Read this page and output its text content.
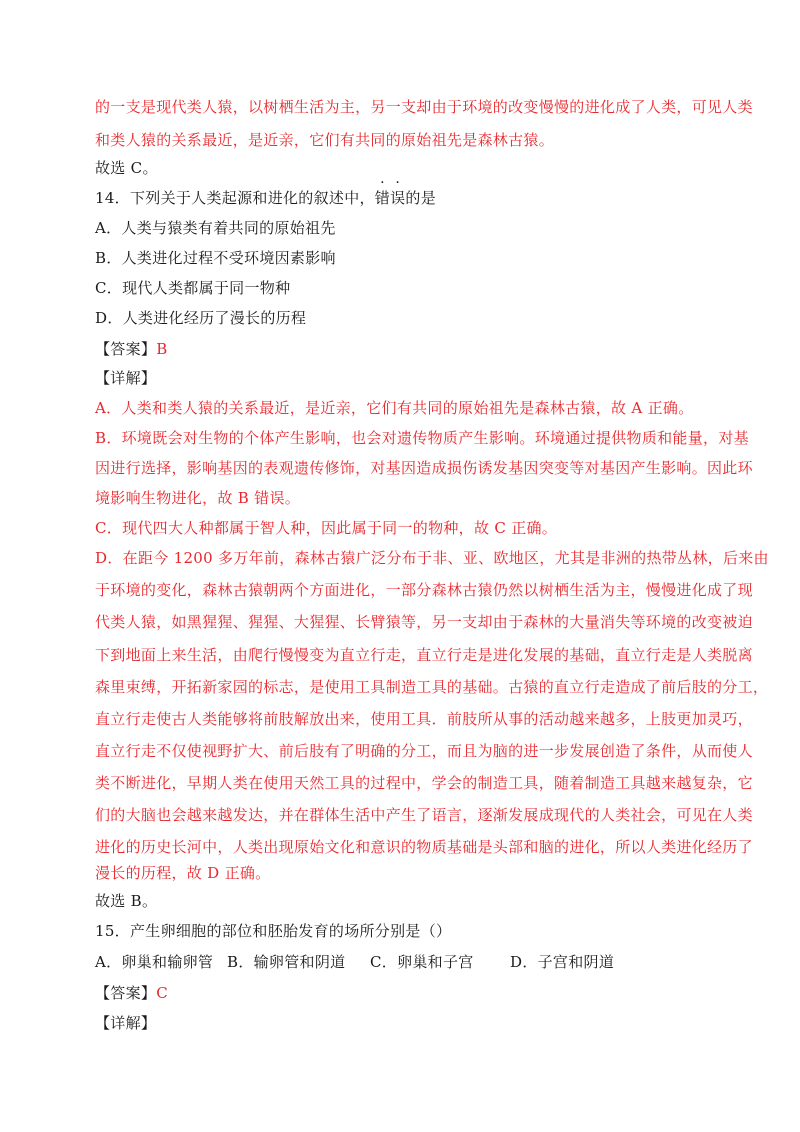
的一支是现代类人猿，以树栖生活为主，另一支却由于环境的改变慢慢的进化成了人类，可见人类
和类人猿的关系最近，是近亲，它们有共同的原始祖先是森林古猿。
故选 C。
14．下列关于人类起源和进化的叙述中，错误的是
A．人类与猿类有着共同的原始祖先
B．人类进化过程不受环境因素影响
C．现代人类都属于同一物种
D．人类进化经历了漫长的历程
【答案】B
【详解】
A．人类和类人猿的关系最近，是近亲，它们有共同的原始祖先是森林古猿，故 A 正确。
B．环境既会对生物的个体产生影响，也会对遗传物质产生影响。环境通过提供物质和能量，对基
因进行选择，影响基因的表观遗传修饰，对基因造成损伤诱发基因突变等对基因产生影响。因此环
境影响生物进化，故 B 错误。
C．现代四大人种都属于智人种，因此属于同一的物种，故 C 正确。
D．在距今 1200 多万年前，森林古猿广泛分布于非、亚、欧地区，尤其是非洲的热带丛林，后来由
于环境的变化，森林古猿朝两个方面进化，一部分森林古猿仍然以树栖生活为主，慢慢进化成了现
代类人猿，如黑猩猩、猩猩、大猩猩、长臂猿等，另一支却由于森林的大量消失等环境的改变被迫
下到地面上来生活，由爬行慢慢变为直立行走，直立行走是进化发展的基础，直立行走是人类脱离
森里束缚，开拓新家园的标志，是使用工具制造工具的基础。古猿的直立行走造成了前后肢的分工，
直立行走使古人类能够将前肢解放出来，使用工具．前肢所从事的活动越来越多，上肢更加灵巧，
直立行走不仅使视野扩大、前后肢有了明确的分工，而且为脑的进一步发展创造了条件，从而使人
类不断进化，早期人类在使用天然工具的过程中，学会的制造工具，随着制造工具越来越复杂，它
们的大脑也会越来越发达，并在群体生活中产生了语言，逐渐发展成现代的人类社会，可见在人类
进化的历史长河中，人类出现原始文化和意识的物质基础是头部和脑的进化，所以人类进化经历了
漫长的历程，故 D 正确。
故选 B。
15．产生卵细胞的部位和胚胎发育的场所分别是（）
A．卵巢和输卵管 B．输卵管和阴道 C．卵巢和子宫 D．子宫和阴道
【答案】C
【详解】
